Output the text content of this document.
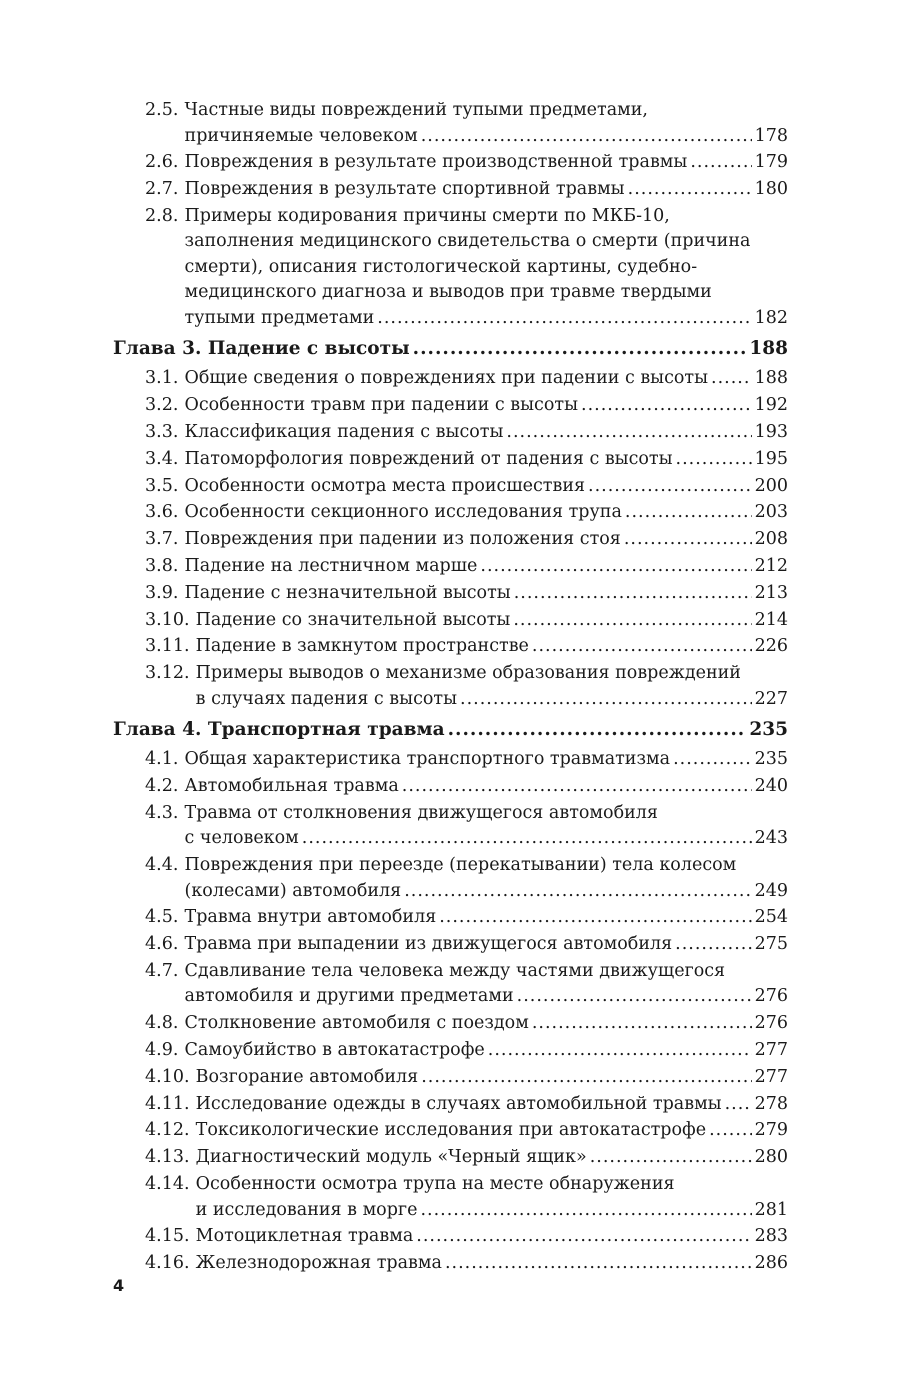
2.5. Частные виды повреждений тупыми предметами,
причиняемые человеком .....	178
2.6. Повреждения в результате производственной травмы .....	179
2.7. Повреждения в результате спортивной травмы .....	180
2.8. Примеры кодирования причины смерти по МКБ-10,
заполнения медицинского свидетельства о смерти (причина
смерти), описания гистологической картины, судебно-
медицинского диагноза и выводов при травме твердыми
тупыми предметами .....	182
Глава 3. Падение с высоты .....	188
3.1. Общие сведения о повреждениях при падении с высоты .....	188
3.2. Особенности травм при падении с высоты .....	192
3.3. Классификация падения с высоты .....	193
3.4. Патоморфология повреждений от падения с высоты .....	195
3.5. Особенности осмотра места происшествия .....	200
3.6. Особенности секционного исследования трупа .....	203
3.7. Повреждения при падении из положения стоя .....	208
3.8. Падение на лестничном марше .....	212
3.9. Падение с незначительной высоты .....	213
3.10. Падение со значительной высоты .....	214
3.11. Падение в замкнутом пространстве .....	226
3.12. Примеры выводов о механизме образования повреждений
в случаях падения с высоты .....	227
Глава 4. Транспортная травма .....	235
4.1. Общая характеристика транспортного травматизма .....	235
4.2. Автомобильная травма .....	240
4.3. Травма от столкновения движущегося автомобиля
с человеком .....	243
4.4. Повреждения при переезде (перекатывании) тела колесом
(колесами) автомобиля .....	249
4.5. Травма внутри автомобиля .....	254
4.6. Травма при выпадении из движущегося автомобиля .....	275
4.7. Сдавливание тела человека между частями движущегося
автомобиля и другими предметами .....	276
4.8. Столкновение автомобиля с поездом .....	276
4.9. Самоубийство в автокатастрофе .....	277
4.10. Возгорание автомобиля .....	277
4.11. Исследование одежды в случаях автомобильной травмы ..... 278
4.12. Токсикологические исследования при автокатастрофе .....	279
4.13. Диагностический модуль «Черный ящик» .....	280
4.14. Особенности осмотра трупа на месте обнаружения
и исследования в морге .....	281
4.15. Мотоциклетная травма .....	283
4.16. Железнодорожная травма .....	286
4
